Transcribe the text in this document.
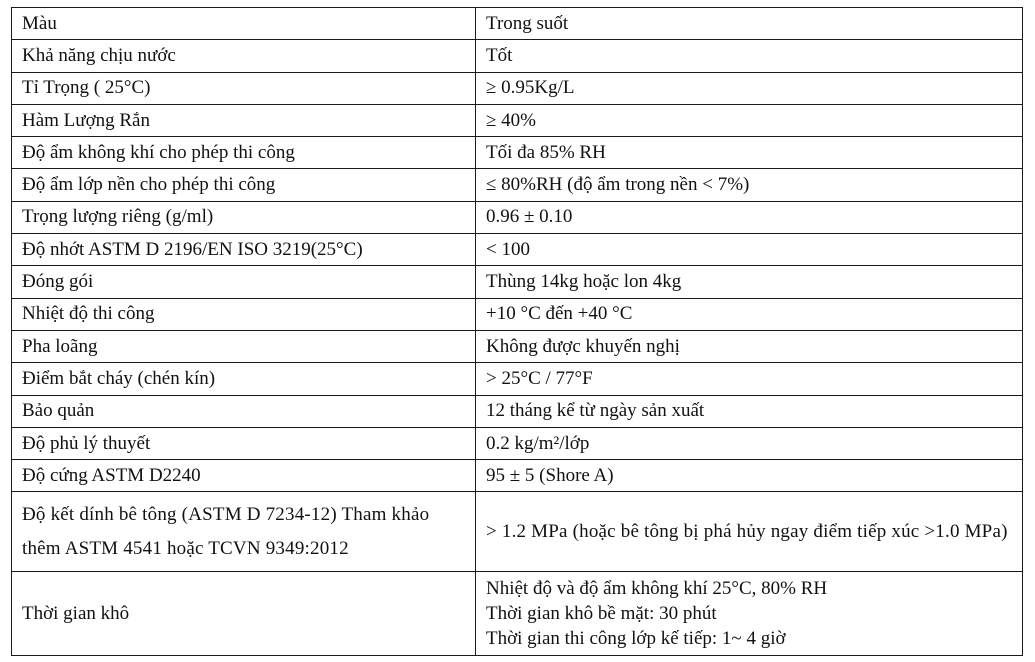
Màu	Trong suốt
Khả năng chịu nước	Tốt
Tỉ Trọng ( 25°C)	≥ 0.95Kg/L
Hàm Lượng Rắn	≥ 40%
Độ ẩm không khí cho phép thi công	Tối đa 85% RH
Độ ẩm lớp nền cho phép thi công	≤ 80%RH (độ ẩm trong nền < 7%)
Trọng lượng riêng (g/ml)	0.96 ± 0.10
Độ nhớt ASTM D 2196/EN ISO 3219(25°C)	< 100
Đóng gói	Thùng 14kg hoặc lon 4kg
Nhiệt độ thi công	+10 °C đến +40 °C
Pha loãng	Không được khuyến nghị
Điểm bắt cháy (chén kín)	> 25°C / 77°F
Bảo quản	12 tháng kể từ ngày sản xuất
Độ phủ lý thuyết	0.2 kg/m²/lớp
Độ cứng ASTM D2240	95 ± 5 (Shore A)
Độ kết dính bê tông (ASTM D 7234-12) Tham khảo thêm ASTM 4541 hoặc TCVN 9349:2012	> 1.2 MPa (hoặc bê tông bị phá hủy ngay điểm tiếp xúc >1.0 MPa)
Thời gian khô	Nhiệt độ và độ ẩm không khí 25°C, 80% RH
Thời gian khô bề mặt: 30 phút
Thời gian thi công lớp kế tiếp: 1~ 4 giờ
